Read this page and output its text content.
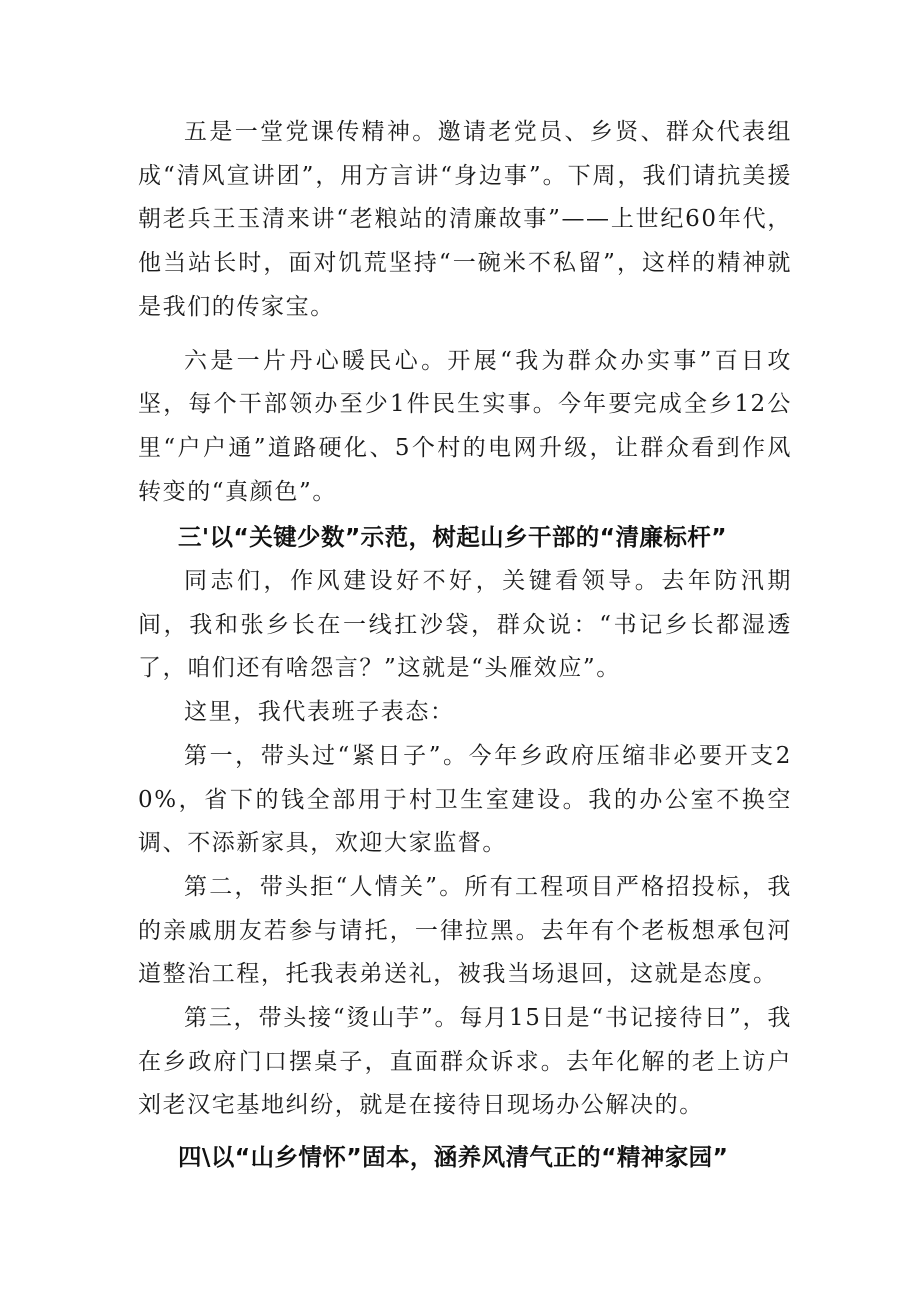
五是一堂党课传精神。邀请老党员、乡贤、群众代表组成“清风宣讲团”，用方言讲“身边事”。下周，我们请抗美援朝老兵王玉清来讲“老粮站的清廉故事”——上世纪60年代，他当站长时，面对饥荒坚持“一碗米不私留”，这样的精神就是我们的传家宝。

六是一片丹心暖民心。开展“我为群众办实事”百日攻坚，每个干部领办至少1件民生实事。今年要完成全乡12公里“户户通”道路硬化、5个村的电网升级，让群众看到作风转变的“真颜色”。

三'以“关键少数”示范，树起山乡干部的“清廉标杆”

同志们，作风建设好不好，关键看领导。去年防汛期间，我和张乡长在一线扛沙袋，群众说：“书记乡长都湿透了，咱们还有啥怨言？”这就是“头雁效应”。

这里，我代表班子表态：

第一，带头过“紧日子”。今年乡政府压缩非必要开支20%，省下的钱全部用于村卫生室建设。我的办公室不换空调、不添新家具，欢迎大家监督。

第二，带头拒“人情关”。所有工程项目严格招投标，我的亲戚朋友若参与请托，一律拉黑。去年有个老板想承包河道整治工程，托我表弟送礼，被我当场退回，这就是态度。

第三，带头接“烫山芋”。每月15日是“书记接待日”，我在乡政府门口摆桌子，直面群众诉求。去年化解的老上访户刘老汉宅基地纠纷，就是在接待日现场办公解决的。

四\以“山乡情怀”固本，涵养风清气正的“精神家园”
